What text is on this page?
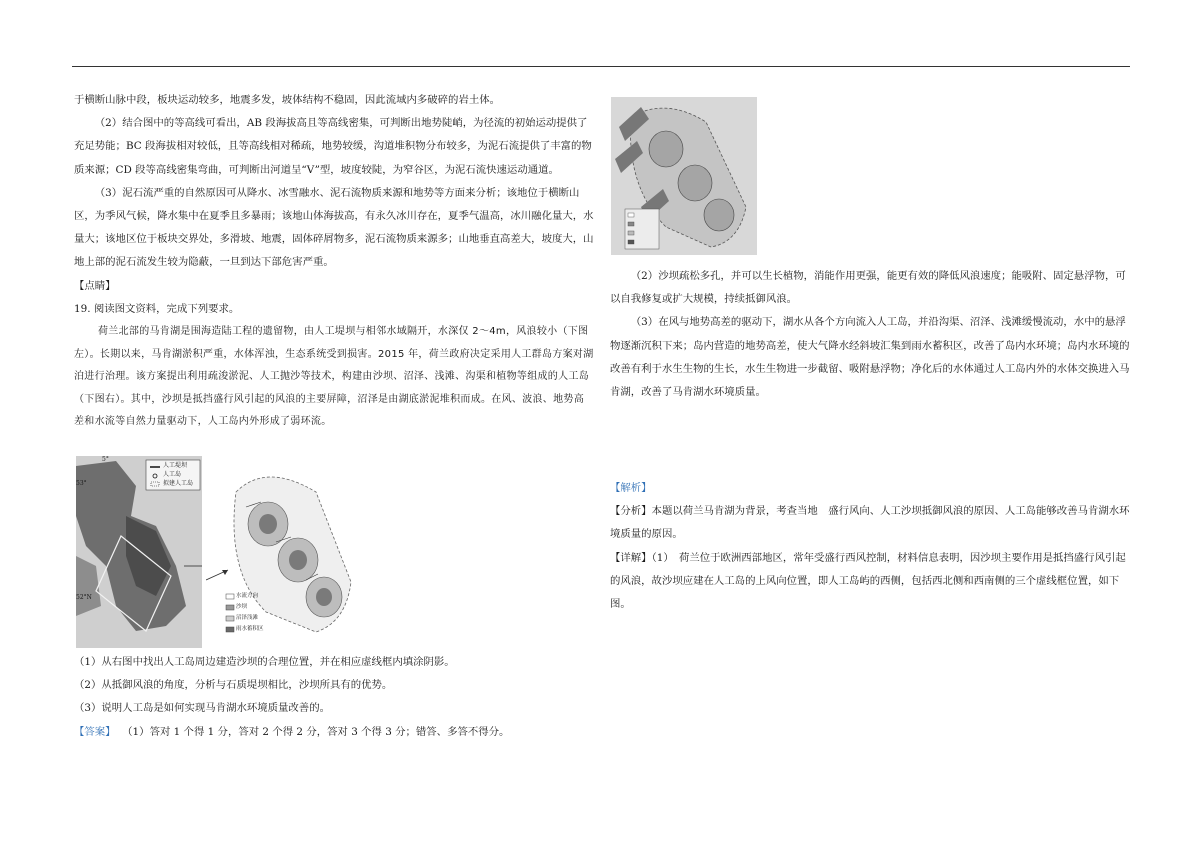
于横断山脉中段，板块运动较多，地震多发，坡体结构不稳固，因此流域内多破碎的岩土体。

（2）结合图中的等高线可看出，AB 段海拔高且等高线密集，可判断出地势陡峭，为径流的初始运动提供了充足势能；BC 段海拔相对较低，且等高线相对稀疏，地势较缓，沟道堆积物分布较多，为泥石流提供了丰富的物质来源；CD 段等高线密集弯曲，可判断出河道呈“V”型，坡度较陡，为窄谷区，为泥石流快速运动通道。

（3）泥石流严重的自然原因可从降水、冰雪融水、泥石流物质来源和地势等方面来分析；该地位于横断山区，为季风气候，降水集中在夏季且多暴雨；该地山体海拔高，有永久冰川存在，夏季气温高，冰川融化量大，水量大；该地区位于板块交界处，多滑坡、地震，固体碎屑物多，泥石流物质来源多；山地垂直高差大，坡度大，山地上部的泥石流发生较为隐蔽，一旦到达下部危害严重。

【点睛】

19. 阅读图文资料，完成下列要求。

荷兰北部的马肯湖是围海造陆工程的遗留物，由人工堤坝与相邻水域隔开，水深仅 2～4m，风浪较小（下图左）。长期以来，马肯湖淤积严重，水体浑浊，生态系统受到损害。2015 年，荷兰政府决定采用人工群岛方案对湖泊进行治理。该方案提出利用疏浚淤泥、人工抛沙等技术，构建由沙坝、沼泽、浅滩、沟渠和植物等组成的人工岛（下图右）。其中，沙坝是抵挡盛行风引起的风浪的主要屏障，沼泽是由湖底淤泥堆积而成。在风、波浪、地势高差和水流等自然力量驱动下，人工岛内外形成了弱环流。

人工堤坝
人工岛
拟建人工岛
53°
52°N
5°
水流方向
沙坝
沼泽浅滩
雨水蓄积区

（1）从右图中找出人工岛周边建造沙坝的合理位置，并在相应虚线框内填涂阴影。

（2）从抵御风浪的角度，分析与石质堤坝相比，沙坝所具有的优势。

（3）说明人工岛是如何实现马肯湖水环境质量改善的。

【答案】 （1）答对 1 个得 1 分，答对 2 个得 2 分，答对 3 个得 3 分；错答、多答不得分。

（2）沙坝疏松多孔，并可以生长植物，消能作用更强，能更有效的降低风浪速度；能吸附、固定悬浮物，可以自我修复或扩大规模，持续抵御风浪。

（3）在风与地势高差的驱动下，湖水从各个方向流入人工岛，并沿沟渠、沼泽、浅滩缓慢流动，水中的悬浮物逐渐沉积下来；岛内营造的地势高差，使大气降水经斜坡汇集到雨水蓄积区，改善了岛内水环境；岛内水环境的改善有利于水生生物的生长，水生生物进一步截留、吸附悬浮物；净化后的水体通过人工岛内外的水体交换进入马肯湖，改善了马肯湖水环境质量。

【解析】

【分析】本题以荷兰马肯湖为背景，考查当地　盛行风向、人工沙坝抵御风浪的原因、人工岛能够改善马肯湖水环境质量的原因。

【详解】（1）　荷兰位于欧洲西部地区，常年受盛行西风控制，材料信息表明，因沙坝主要作用是抵挡盛行风引起的风浪，故沙坝应建在人工岛的上风向位置，即人工岛屿的西侧，包括西北侧和西南侧的三个虚线框位置，如下图。
